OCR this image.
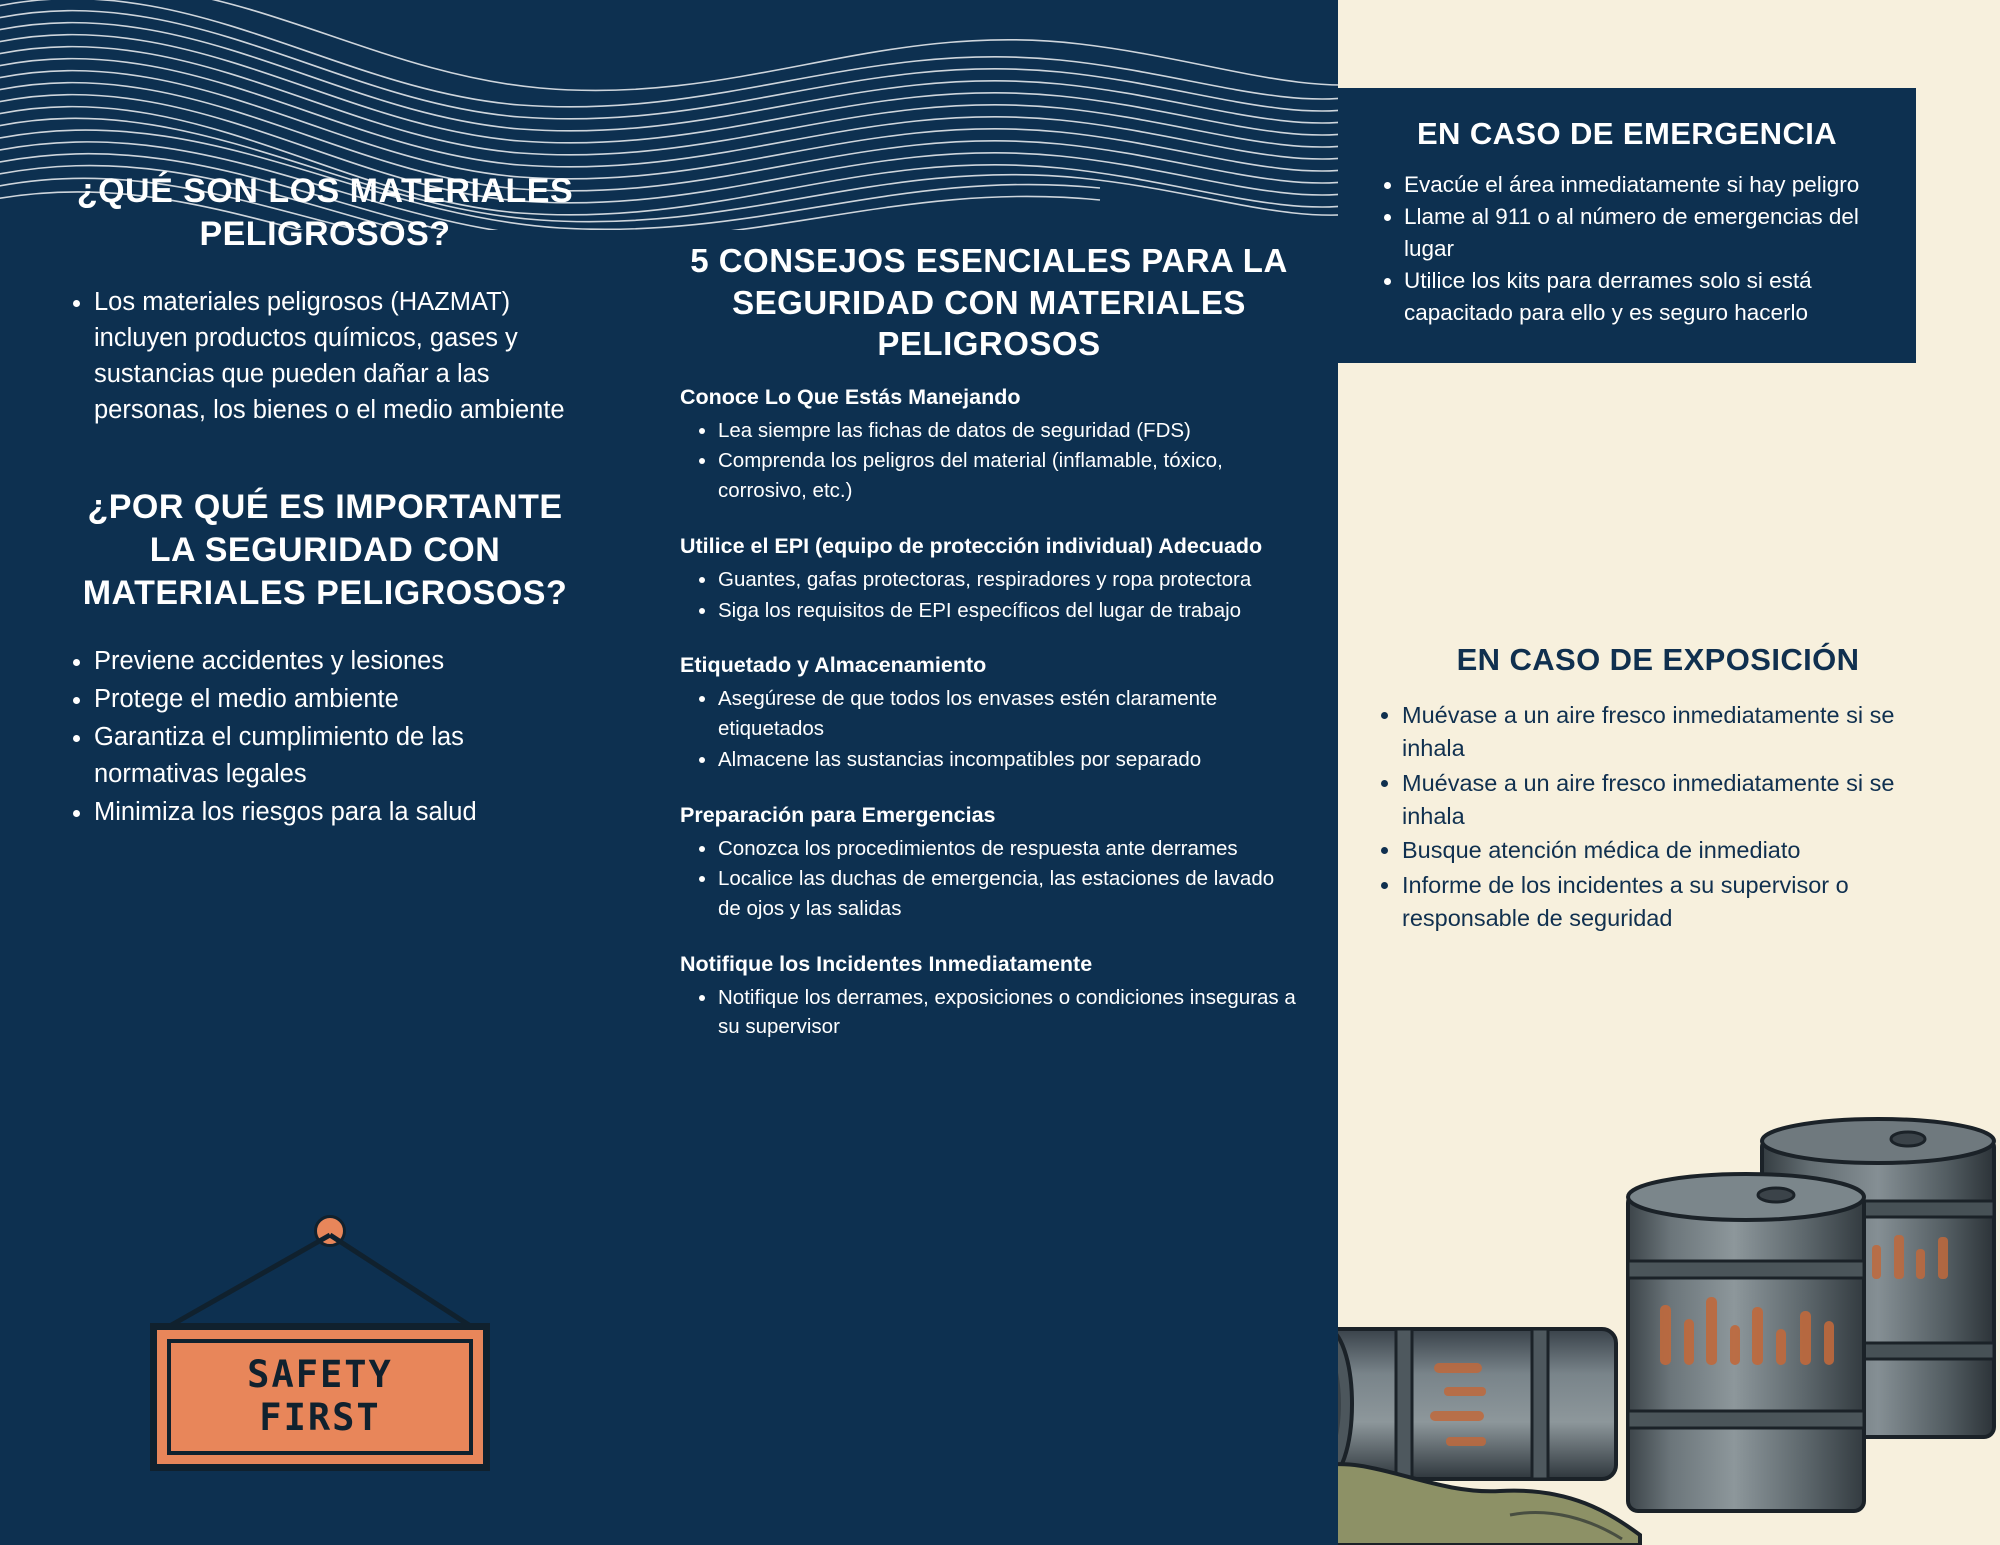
¿QUÉ SON LOS MATERIALES PELIGROSOS?
• Los materiales peligrosos (HAZMAT) incluyen productos químicos, gases y sustancias que pueden dañar a las personas, los bienes o el medio ambiente
¿POR QUÉ ES IMPORTANTE LA SEGURIDAD CON MATERIALES PELIGROSOS?
• Previene accidentes y lesiones
• Protege el medio ambiente
• Garantiza el cumplimiento de las normativas legales
• Minimiza los riesgos para la salud
5 CONSEJOS ESENCIALES PARA LA SEGURIDAD CON MATERIALES PELIGROSOS
Conoce Lo Que Estás Manejando
• Lea siempre las fichas de datos de seguridad (FDS)
• Comprenda los peligros del material (inflamable, tóxico, corrosivo, etc.)
Utilice el EPI (equipo de protección individual) Adecuado
• Guantes, gafas protectoras, respiradores y ropa protectora
• Siga los requisitos de EPI específicos del lugar de trabajo
Etiquetado y Almacenamiento
• Asegúrese de que todos los envases estén claramente etiquetados
• Almacene las sustancias incompatibles por separado
Preparación para Emergencias
• Conozca los procedimientos de respuesta ante derrames
• Localice las duchas de emergencia, las estaciones de lavado de ojos y las salidas
Notifique los Incidentes Inmediatamente
• Notifique los derrames, exposiciones o condiciones inseguras a su supervisor
SAFETY
FIRST
EN CASO DE EMERGENCIA
• Evacúe el área inmediatamente si hay peligro
• Llame al 911 o al número de emergencias del lugar
• Utilice los kits para derrames solo si está capacitado para ello y es seguro hacerlo
EN CASO DE EXPOSICIÓN
• Muévase a un aire fresco inmediatamente si se inhala
• Muévase a un aire fresco inmediatamente si se inhala
• Busque atención médica de inmediato
• Informe de los incidentes a su supervisor o responsable de seguridad
